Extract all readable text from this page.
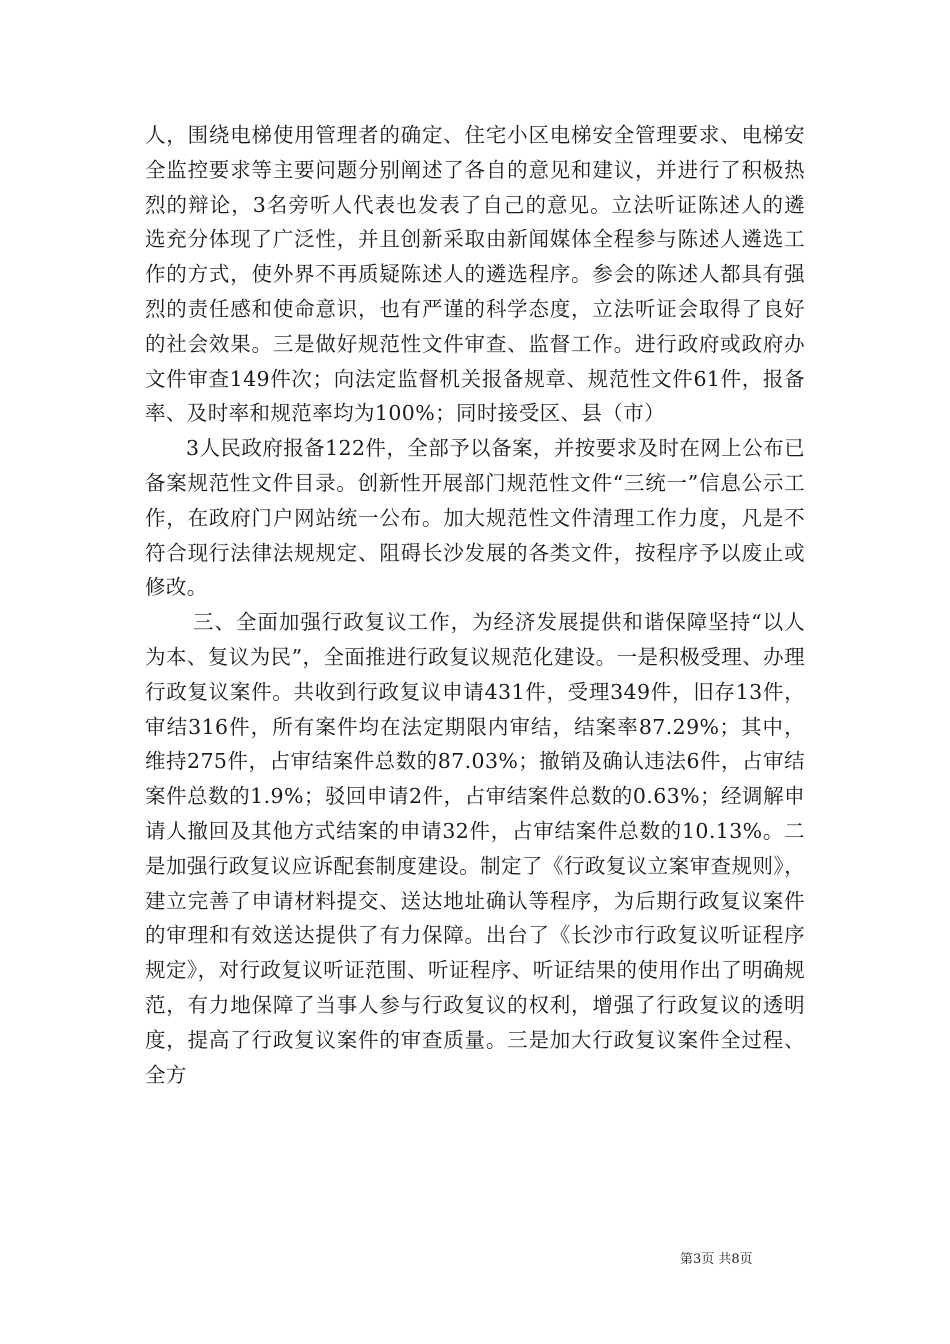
人，围绕电梯使用管理者的确定、住宅小区电梯安全管理要求、电梯安全监控要求等主要问题分别阐述了各自的意见和建议，并进行了积极热烈的辩论，3名旁听人代表也发表了自己的意见。立法听证陈述人的遴选充分体现了广泛性，并且创新采取由新闻媒体全程参与陈述人遴选工作的方式，使外界不再质疑陈述人的遴选程序。参会的陈述人都具有强烈的责任感和使命意识，也有严谨的科学态度，立法听证会取得了良好的社会效果。三是做好规范性文件审查、监督工作。进行政府或政府办文件审查149件次；向法定监督机关报备规章、规范性文件61件，报备率、及时率和规范率均为100%；同时接受区、县（市）

3人民政府报备122件，全部予以备案，并按要求及时在网上公布已备案规范性文件目录。创新性开展部门规范性文件“三统一”信息公示工作，在政府门户网站统一公布。加大规范性文件清理工作力度，凡是不符合现行法律法规规定、阻碍长沙发展的各类文件，按程序予以废止或修改。

三、全面加强行政复议工作，为经济发展提供和谐保障坚持“以人为本、复议为民”，全面推进行政复议规范化建设。一是积极受理、办理行政复议案件。共收到行政复议申请431件，受理349件，旧存13件，审结316件，所有案件均在法定期限内审结，结案率87.29%；其中，维持275件，占审结案件总数的87.03%；撤销及确认违法6件，占审结案件总数的1.9%；驳回申请2件，占审结案件总数的0.63%；经调解申请人撤回及其他方式结案的申请32件，占审结案件总数的10.13%。二是加强行政复议应诉配套制度建设。制定了《行政复议立案审查规则》，建立完善了申请材料提交、送达地址确认等程序，为后期行政复议案件的审理和有效送达提供了有力保障。出台了《长沙市行政复议听证程序规定》，对行政复议听证范围、听证程序、听证结果的使用作出了明确规范，有力地保障了当事人参与行政复议的权利，增强了行政复议的透明度，提高了行政复议案件的审查质量。三是加大行政复议案件全过程、全方

第3页 共8页
